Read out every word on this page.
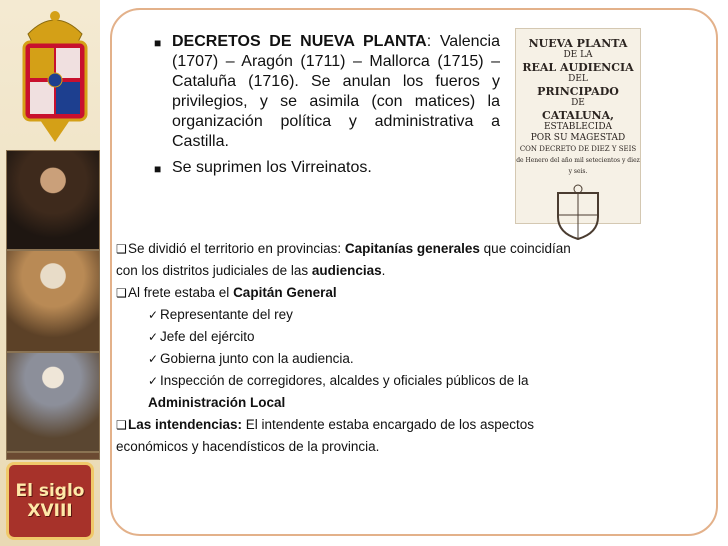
El siglo
XVIII
■ DECRETOS DE NUEVA PLANTA: Valencia (1707) – Aragón (1711) – Mallorca (1715) – Cataluña (1716). Se anulan los fueros y privilegios, y se asimila (con matices) la organización política y administrativa a Castilla.
■ Se suprimen los Virreinatos.
NUEVA PLANTA
DE LA
REAL AUDIENCIA
DEL
PRINCIPADO
DE
CATALUNA,
ESTABLECIDA
POR SU MAGESTAD
CON DECRETO DE DIEZ Y SEIS
de Henero del año mil setecientos y diez y seis.
❑Se dividió el territorio en provincias: Capitanías generales que coincidían
con los distritos judiciales de las audiencias.
❑Al frete estaba el Capitán General
✓ Representante del rey
✓ Jefe del ejército
✓ Gobierna junto con la audiencia.
✓ Inspección de corregidores, alcaldes y oficiales públicos de la
Administración Local
❑Las intendencias: El intendente estaba encargado de los aspectos
económicos y hacendísticos de la provincia.
